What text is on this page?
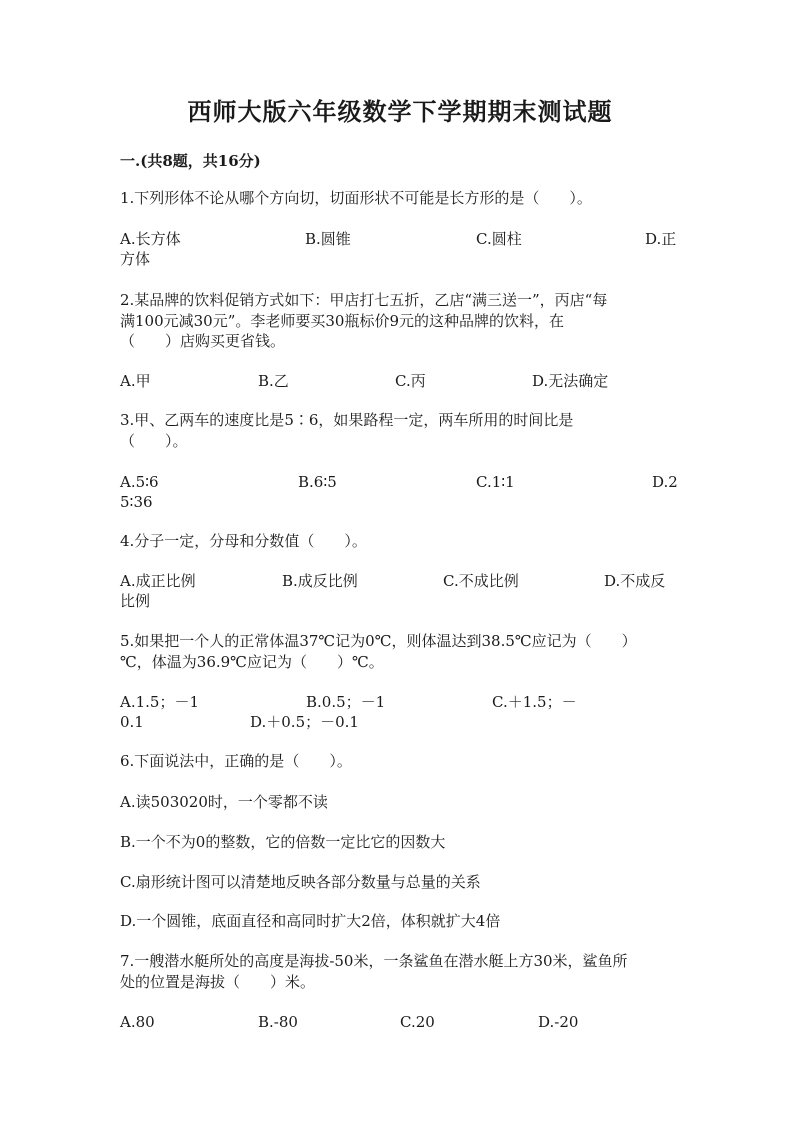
西师大版六年级数学下学期期末测试题
一.(共8题，共16分)
1.下列形体不论从哪个方向切，切面形状不可能是长方形的是（　　）。
A.长方体	B.圆锥	C.圆柱	D.正
方体
2.某品牌的饮料促销方式如下：甲店打七五折，乙店“满三送一”，丙店“每
满100元减30元”。李老师要买30瓶标价9元的这种品牌的饮料，在
（　　）店购买更省钱。
A.甲	B.乙	C.丙	D.无法确定
3.甲、乙两车的速度比是5∶6，如果路程一定，两车所用的时间比是
（　　）。
A.5∶6	B.6∶5	C.1∶1	D.2
5∶36
4.分子一定，分母和分数值（　　）。
A.成正比例	B.成反比例	C.不成比例	D.不成反
比例
5.如果把一个人的正常体温37℃记为0℃，则体温达到38.5℃应记为（　　）
℃，体温为36.9℃应记为（　　）℃。
A.1.5；－1	B.0.5；－1	C.＋1.5；－
0.1	D.＋0.5；－0.1
6.下面说法中，正确的是（　　）。
A.读503020时，一个零都不读
B.一个不为0的整数，它的倍数一定比它的因数大
C.扇形统计图可以清楚地反映各部分数量与总量的关系
D.一个圆锥，底面直径和高同时扩大2倍，体积就扩大4倍
7.一艘潜水艇所处的高度是海拔-50米，一条鲨鱼在潜水艇上方30米，鲨鱼所
处的位置是海拔（　　）米。
A.80	B.-80	C.20	D.-20
